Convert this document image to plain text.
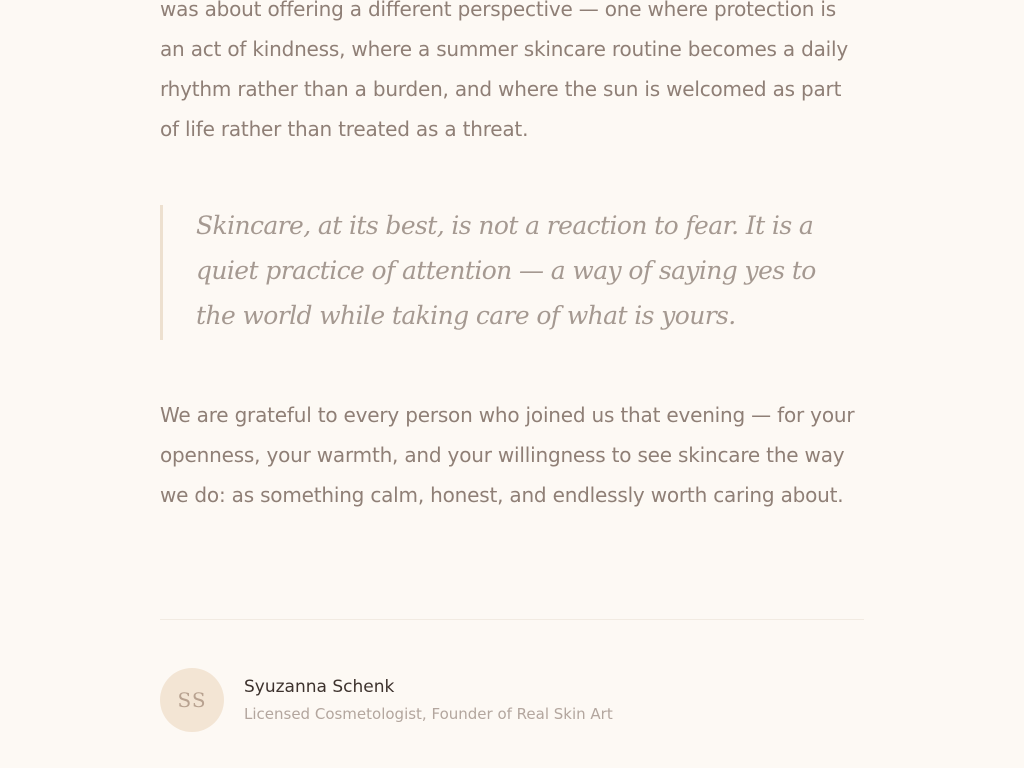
was about offering a different perspective — one where protection is an act of kindness, where a summer skincare routine becomes a daily rhythm rather than a burden, and where the sun is welcomed as part of life rather than treated as a threat.

Skincare, at its best, is not a reaction to fear. It is a quiet practice of attention — a way of saying yes to the world while taking care of what is yours.

We are grateful to every person who joined us that evening — for your openness, your warmth, and your willingness to see skincare the way we do: as something calm, honest, and endlessly worth caring about.

SS
Syuzanna Schenk
Licensed Cosmetologist, Founder of Real Skin Art
